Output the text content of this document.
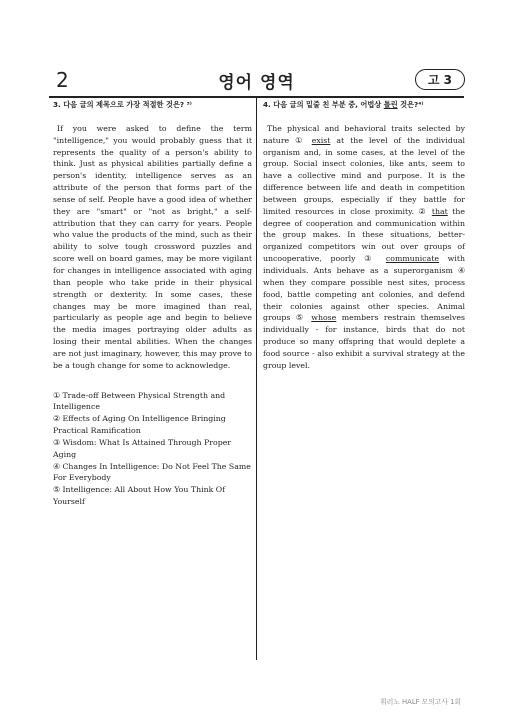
2	영어 영역	고 3
3. 다음 글의 제목으로 가장 적절한 것은? ³⁾

If you were asked to define the term "intelligence," you would probably guess that it represents the quality of a person's ability to think. Just as physical abilities partially define a person's identity, intelligence serves as an attribute of the person that forms part of the sense of self. People have a good idea of whether they are "smart" or "not as bright," a self-attribution that they can carry for years. People who value the products of the mind, such as their ability to solve tough crossword puzzles and score well on board games, may be more vigilant for changes in intelligence associated with aging than people who take pride in their physical strength or dexterity. In some cases, these changes may be more imagined than real, particularly as people age and begin to believe the media images portraying older adults as losing their mental abilities. When the changes are not just imaginary, however, this may prove to be a tough change for some to acknowledge.

① Trade-off Between Physical Strength and Intelligence

② Effects of Aging On Intelligence Bringing Practical Ramification

③ Wisdom: What Is Attained Through Proper Aging

④ Changes In Intelligence: Do Not Feel The Same For Everybody

⑤ Intelligence: All About How You Think Of Yourself

4. 다음 글의 밑줄 친 부분 중, 어법상 틀린 것은?⁴⁾

The physical and behavioral traits selected by nature ① exist at the level of the individual organism and, in some cases, at the level of the group. Social insect colonies, like ants, seem to have a collective mind and purpose. It is the difference between life and death in competition between groups, especially if they battle for limited resources in close proximity. ② that the degree of cooperation and communication within the group makes. In these situations, better-organized competitors win out over groups of uncooperative, poorly ③ communicate with individuals. Ants behave as a superorganism ④ when they compare possible nest sites, process food, battle competing ant colonies, and defend their colonies against other species. Animal groups ⑤ whose members restrain themselves individually - for instance, birds that do not produce so many offspring that would deplete a food source - also exhibit a survival strategy at the group level.

휘러노 HALF 모의고사 1회
